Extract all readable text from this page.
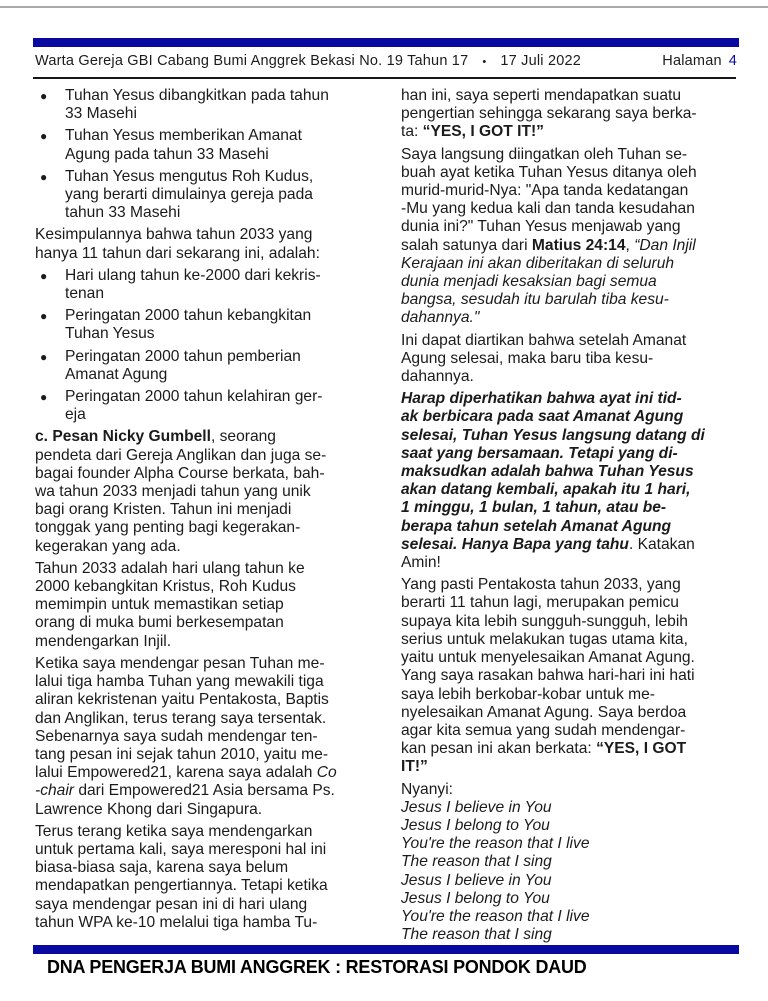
Warta Gereja GBI Cabang Bumi Anggrek Bekasi No. 19 Tahun 17 • 17 Juli 2022	Halaman 4
●	Tuhan Yesus dibangkitkan pada tahun
33 Masehi
●	Tuhan Yesus memberikan Amanat
Agung pada tahun 33 Masehi
●	Tuhan Yesus mengutus Roh Kudus,
yang berarti dimulainya gereja pada
tahun 33 Masehi
Kesimpulannya bahwa tahun 2033 yang
hanya 11 tahun dari sekarang ini, adalah:
●	Hari ulang tahun ke-2000 dari kekris-
tenan
●	Peringatan 2000 tahun kebangkitan
Tuhan Yesus
●	Peringatan 2000 tahun pemberian
Amanat Agung
●	Peringatan 2000 tahun kelahiran ger-
eja
c. Pesan Nicky Gumbell, seorang
pendeta dari Gereja Anglikan dan juga se-
bagai founder Alpha Course berkata, bah-
wa tahun 2033 menjadi tahun yang unik
bagi orang Kristen. Tahun ini menjadi
tonggak yang penting bagi kegerakan-
kegerakan yang ada.
Tahun 2033 adalah hari ulang tahun ke
2000 kebangkitan Kristus, Roh Kudus
memimpin untuk memastikan setiap
orang di muka bumi berkesempatan
mendengarkan Injil.
Ketika saya mendengar pesan Tuhan me-
lalui tiga hamba Tuhan yang mewakili tiga
aliran kekristenan yaitu Pentakosta, Baptis
dan Anglikan, terus terang saya tersentak.
Sebenarnya saya sudah mendengar ten-
tang pesan ini sejak tahun 2010, yaitu me-
lalui Empowered21, karena saya adalah Co
-chair dari Empowered21 Asia bersama Ps.
Lawrence Khong dari Singapura.
Terus terang ketika saya mendengarkan
untuk pertama kali, saya meresponi hal ini
biasa-biasa saja, karena saya belum
mendapatkan pengertiannya. Tetapi ketika
saya mendengar pesan ini di hari ulang
tahun WPA ke-10 melalui tiga hamba Tu-
han ini, saya seperti mendapatkan suatu
pengertian sehingga sekarang saya berka-
ta: “YES, I GOT IT!”
Saya langsung diingatkan oleh Tuhan se-
buah ayat ketika Tuhan Yesus ditanya oleh
murid-murid-Nya: "Apa tanda kedatangan
-Mu yang kedua kali dan tanda kesudahan
dunia ini?" Tuhan Yesus menjawab yang
salah satunya dari Matius 24:14, “Dan Injil
Kerajaan ini akan diberitakan di seluruh
dunia menjadi kesaksian bagi semua
bangsa, sesudah itu barulah tiba kesu-
dahannya."
Ini dapat diartikan bahwa setelah Amanat
Agung selesai, maka baru tiba kesu-
dahannya.
Harap diperhatikan bahwa ayat ini tid-
ak berbicara pada saat Amanat Agung
selesai, Tuhan Yesus langsung datang di
saat yang bersamaan. Tetapi yang di-
maksudkan adalah bahwa Tuhan Yesus
akan datang kembali, apakah itu 1 hari,
1 minggu, 1 bulan, 1 tahun, atau be-
berapa tahun setelah Amanat Agung
selesai. Hanya Bapa yang tahu. Katakan
Amin!
Yang pasti Pentakosta tahun 2033, yang
berarti 11 tahun lagi, merupakan pemicu
supaya kita lebih sungguh-sungguh, lebih
serius untuk melakukan tugas utama kita,
yaitu untuk menyelesaikan Amanat Agung.
Yang saya rasakan bahwa hari-hari ini hati
saya lebih berkobar-kobar untuk me-
nyelesaikan Amanat Agung. Saya berdoa
agar kita semua yang sudah mendengar-
kan pesan ini akan berkata: “YES, I GOT
IT!”
Nyanyi:
Jesus I believe in You
Jesus I belong to You
You're the reason that I live
The reason that I sing
Jesus I believe in You
Jesus I belong to You
You're the reason that I live
The reason that I sing
DNA PENGERJA BUMI ANGGREK : RESTORASI PONDOK DAUD
